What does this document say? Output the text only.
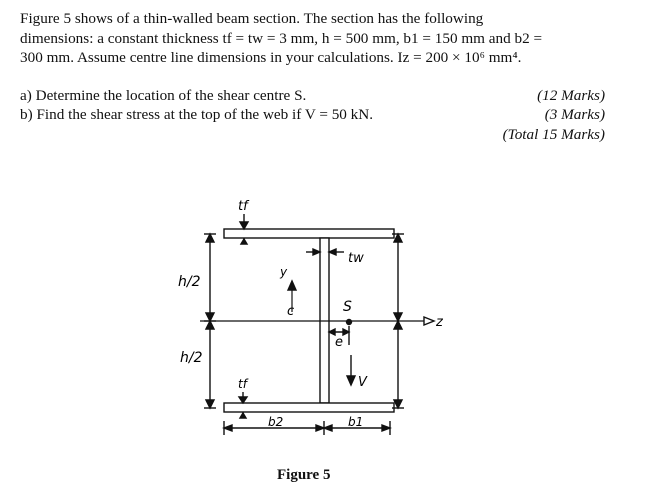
Figure 5 shows of a thin-walled beam section. The section has the following
dimensions: a constant thickness tf = tw = 3 mm, h = 500 mm, b1 = 150 mm and b2 =
300 mm. Assume centre line dimensions in your calculations. Iz = 200 × 10⁶ mm⁴.
a) Determine the location of the shear centre S.
b) Find the shear stress at the top of the web if V = 50 kN.
(12 Marks)
(3 Marks)
(Total 15 Marks)
tf
tf
tw
y
z
c	S
e
V
h/2
h/2
b2	b1
Figure 5
